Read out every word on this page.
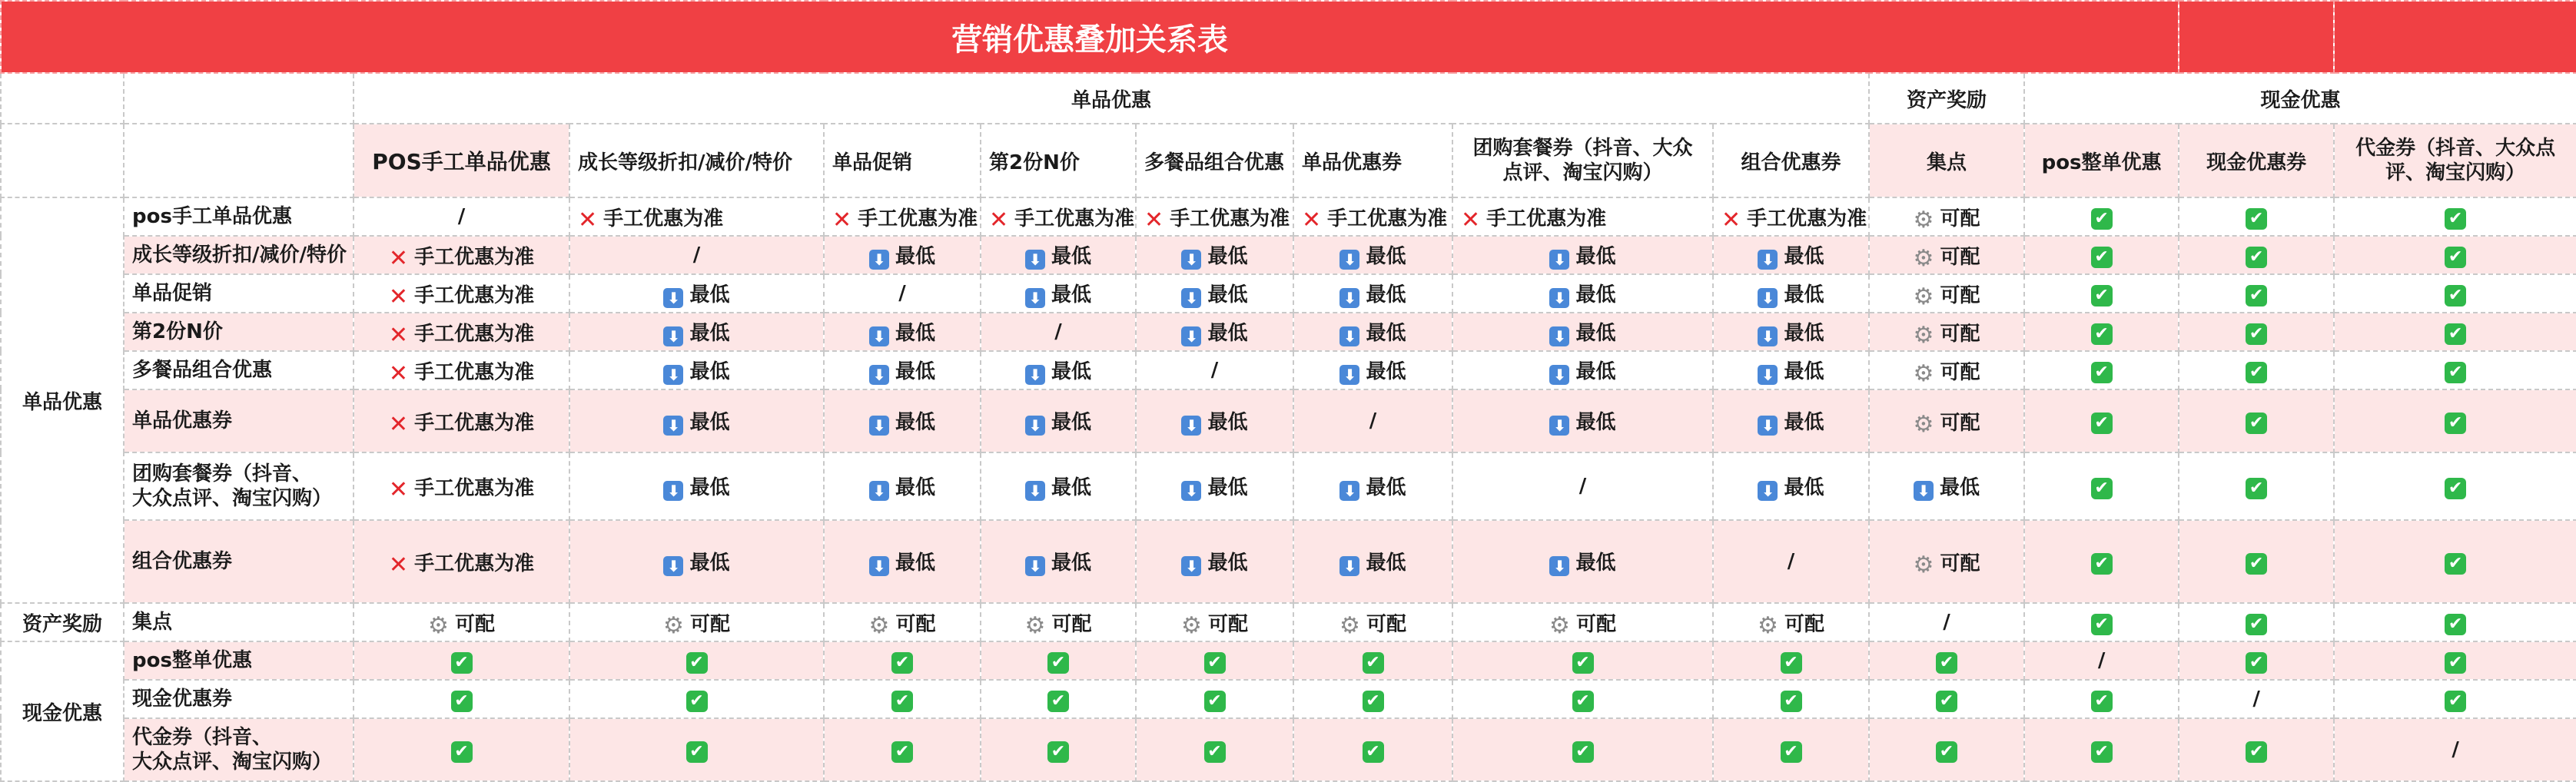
营销优惠叠加关系表													
		单品优惠								资产奖励	现金优惠		
		POS手工单品优惠	成长等级折扣/减价/特价	单品促销	第2份N价	多餐品组合优惠	单品优惠券	团购套餐券（抖音、大众点评、淘宝闪购）	组合优惠券	集点	pos整单优惠	现金优惠券	代金券（抖音、大众点评、淘宝闪购）
单品优惠	pos手工单品优惠	/	✕ 手工优惠为准	✕ 手工优惠为准	✕ 手工优惠为准	✕ 手工优惠为准	✕ 手工优惠为准	✕ 手工优惠为准	✕ 手工优惠为准	⚙ 可配	✔	✔	✔
	成长等级折扣/减价/特价	✕ 手工优惠为准	/	⬇ 最低	⬇ 最低	⬇ 最低	⬇ 最低	⬇ 最低	⬇ 最低	⚙ 可配	✔	✔	✔
	单品促销	✕ 手工优惠为准	⬇ 最低	/	⬇ 最低	⬇ 最低	⬇ 最低	⬇ 最低	⬇ 最低	⚙ 可配	✔	✔	✔
	第2份N价	✕ 手工优惠为准	⬇ 最低	⬇ 最低	/	⬇ 最低	⬇ 最低	⬇ 最低	⬇ 最低	⚙ 可配	✔	✔	✔
	多餐品组合优惠	✕ 手工优惠为准	⬇ 最低	⬇ 最低	⬇ 最低	/	⬇ 最低	⬇ 最低	⬇ 最低	⚙ 可配	✔	✔	✔
	单品优惠券	✕ 手工优惠为准	⬇ 最低	⬇ 最低	⬇ 最低	⬇ 最低	/	⬇ 最低	⬇ 最低	⚙ 可配	✔	✔	✔
	团购套餐券（抖音、
大众点评、淘宝闪购）	✕ 手工优惠为准	⬇ 最低	⬇ 最低	⬇ 最低	⬇ 最低	⬇ 最低	/	⬇ 最低	⬇ 最低	✔	✔	✔
	组合优惠券	✕ 手工优惠为准	⬇ 最低	⬇ 最低	⬇ 最低	⬇ 最低	⬇ 最低	⬇ 最低	/	⚙ 可配	✔	✔	✔
资产奖励	集点	⚙ 可配	⚙ 可配	⚙ 可配	⚙ 可配	⚙ 可配	⚙ 可配	⚙ 可配	⚙ 可配	/	✔	✔	✔
现金优惠	pos整单优惠	✔	✔	✔	✔	✔	✔	✔	✔	✔	/	✔	✔
	现金优惠券	✔	✔	✔	✔	✔	✔	✔	✔	✔	✔	/	✔
	代金券（抖音、
大众点评、淘宝闪购）	✔	✔	✔	✔	✔	✔	✔	✔	✔	✔	✔	/
